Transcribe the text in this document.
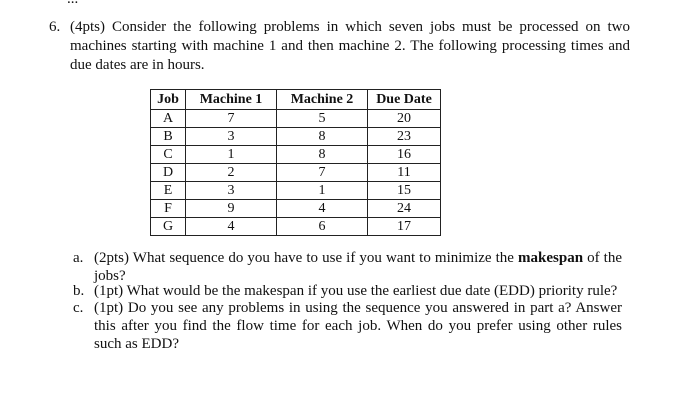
6. (4pts) Consider the following problems in which seven jobs must be processed on two machines starting with machine 1 and then machine 2. The following processing times and due dates are in hours.
Job	Machine 1	Machine 2	Due Date
A	7	5	20
B	3	8	23
C	1	8	16
D	2	7	11
E	3	1	15
F	9	4	24
G	4	6	17
a. (2pts) What sequence do you have to use if you want to minimize the makespan of the jobs?
b. (1pt) What would be the makespan if you use the earliest due date (EDD) priority rule?
c. (1pt) Do you see any problems in using the sequence you answered in part a? Answer this after you find the flow time for each job. When do you prefer using other rules such as EDD?
